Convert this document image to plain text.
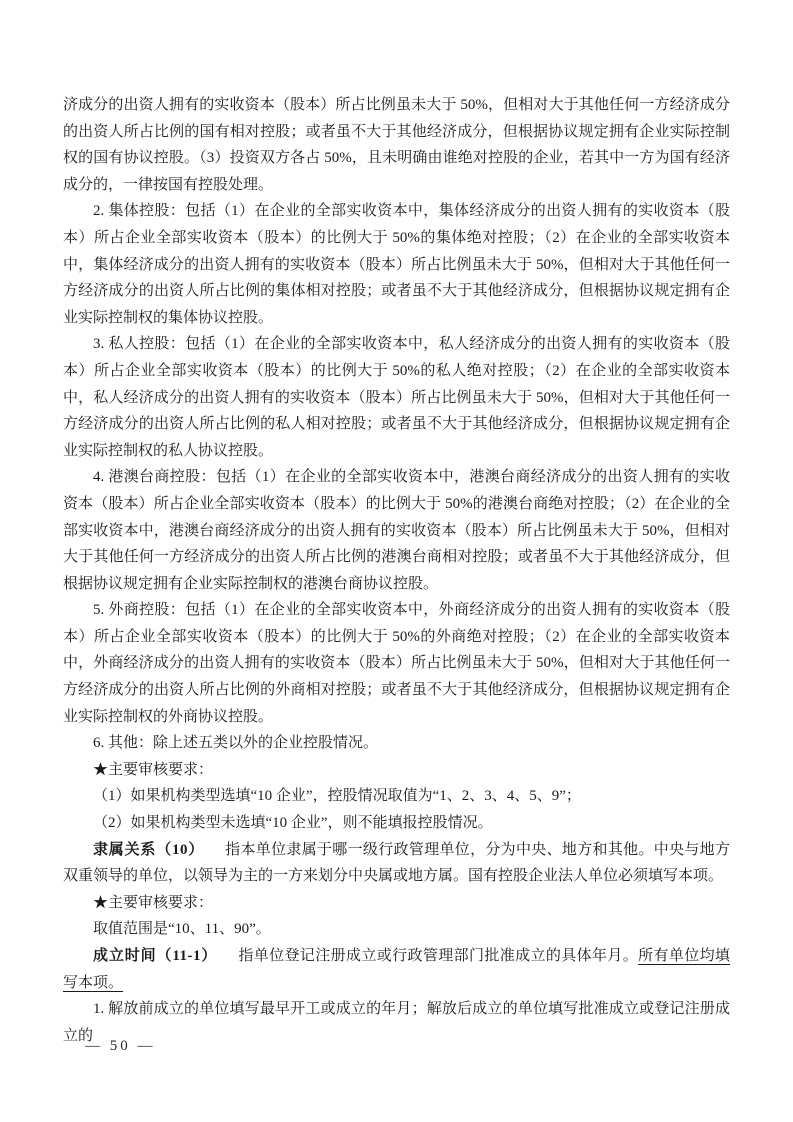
济成分的出资人拥有的实收资本（股本）所占比例虽未大于 50%，但相对大于其他任何一方经济成分的出资人所占比例的国有相对控股；或者虽不大于其他经济成分，但根据协议规定拥有企业实际控制权的国有协议控股。（3）投资双方各占 50%，且未明确由谁绝对控股的企业，若其中一方为国有经济成分的，一律按国有控股处理。

2. 集体控股：包括（1）在企业的全部实收资本中，集体经济成分的出资人拥有的实收资本（股本）所占企业全部实收资本（股本）的比例大于 50%的集体绝对控股；（2）在企业的全部实收资本中，集体经济成分的出资人拥有的实收资本（股本）所占比例虽未大于 50%，但相对大于其他任何一方经济成分的出资人所占比例的集体相对控股；或者虽不大于其他经济成分，但根据协议规定拥有企业实际控制权的集体协议控股。

3. 私人控股：包括（1）在企业的全部实收资本中，私人经济成分的出资人拥有的实收资本（股本）所占企业全部实收资本（股本）的比例大于 50%的私人绝对控股；（2）在企业的全部实收资本中，私人经济成分的出资人拥有的实收资本（股本）所占比例虽未大于 50%，但相对大于其他任何一方经济成分的出资人所占比例的私人相对控股；或者虽不大于其他经济成分，但根据协议规定拥有企业实际控制权的私人协议控股。

4. 港澳台商控股：包括（1）在企业的全部实收资本中，港澳台商经济成分的出资人拥有的实收资本（股本）所占企业全部实收资本（股本）的比例大于 50%的港澳台商绝对控股；（2）在企业的全部实收资本中，港澳台商经济成分的出资人拥有的实收资本（股本）所占比例虽未大于 50%，但相对大于其他任何一方经济成分的出资人所占比例的港澳台商相对控股；或者虽不大于其他经济成分，但根据协议规定拥有企业实际控制权的港澳台商协议控股。

5. 外商控股：包括（1）在企业的全部实收资本中，外商经济成分的出资人拥有的实收资本（股本）所占企业全部实收资本（股本）的比例大于 50%的外商绝对控股；（2）在企业的全部实收资本中，外商经济成分的出资人拥有的实收资本（股本）所占比例虽未大于 50%，但相对大于其他任何一方经济成分的出资人所占比例的外商相对控股；或者虽不大于其他经济成分，但根据协议规定拥有企业实际控制权的外商协议控股。

6. 其他：除上述五类以外的企业控股情况。

★主要审核要求：

（1）如果机构类型选填“10 企业”，控股情况取值为“1、2、3、4、5、9”；

（2）如果机构类型未选填“10 企业”，则不能填报控股情况。

隶属关系（10） 指本单位隶属于哪一级行政管理单位，分为中央、地方和其他。中央与地方双重领导的单位，以领导为主的一方来划分中央属或地方属。国有控股企业法人单位必须填写本项。

★主要审核要求：

取值范围是“10、11、90”。

成立时间（11-1） 指单位登记注册成立或行政管理部门批准成立的具体年月。所有单位均填写本项。

1. 解放前成立的单位填写最早开工或成立的年月；解放后成立的单位填写批准成立或登记注册成立的

— 50 —
